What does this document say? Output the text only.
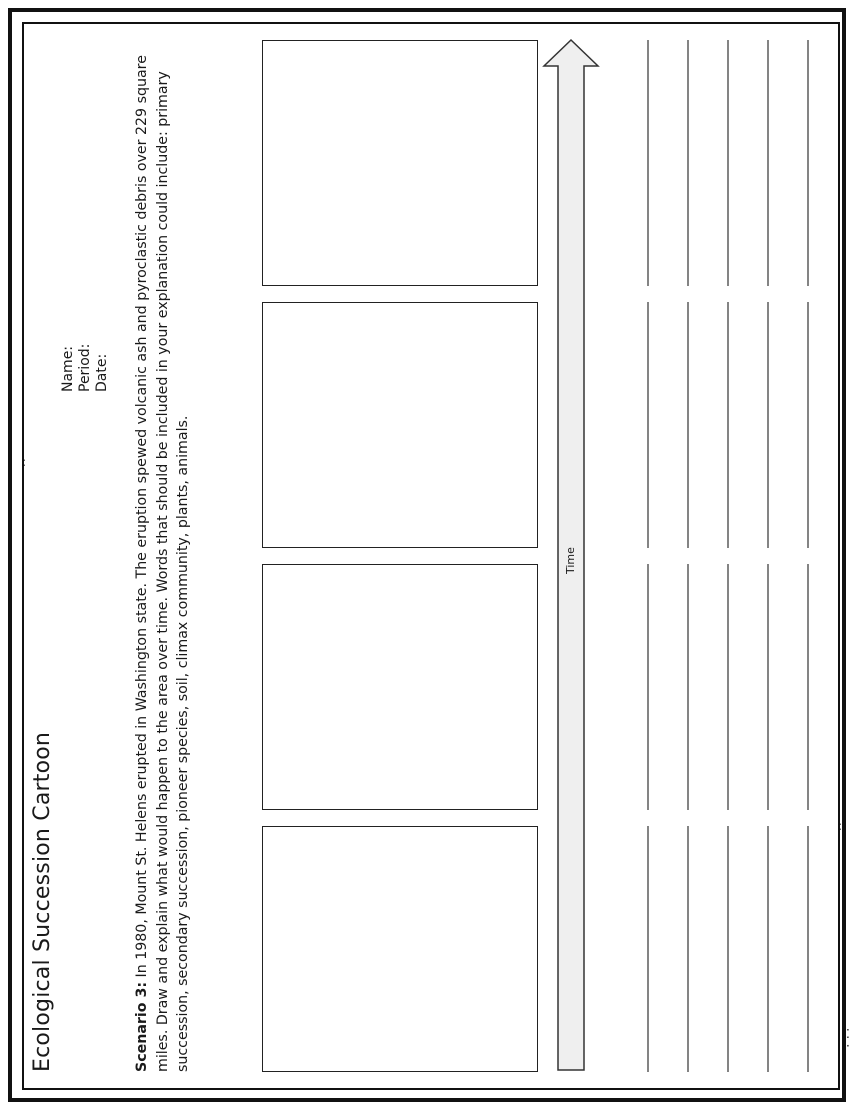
⁚
·
:
:
⁚
·
Ecological Succession Cartoon
Name: Period: Date:
Scenario 3: In 1980, Mount St. Helens erupted in Washington state. The eruption spewed volcanic ash and pyroclastic debris over 229 square miles. Draw and explain what would happen to the area over time. Words that should be included in your explanation could include: primary succession, secondary succession, pioneer species, soil, climax community, plants, animals.	Time
